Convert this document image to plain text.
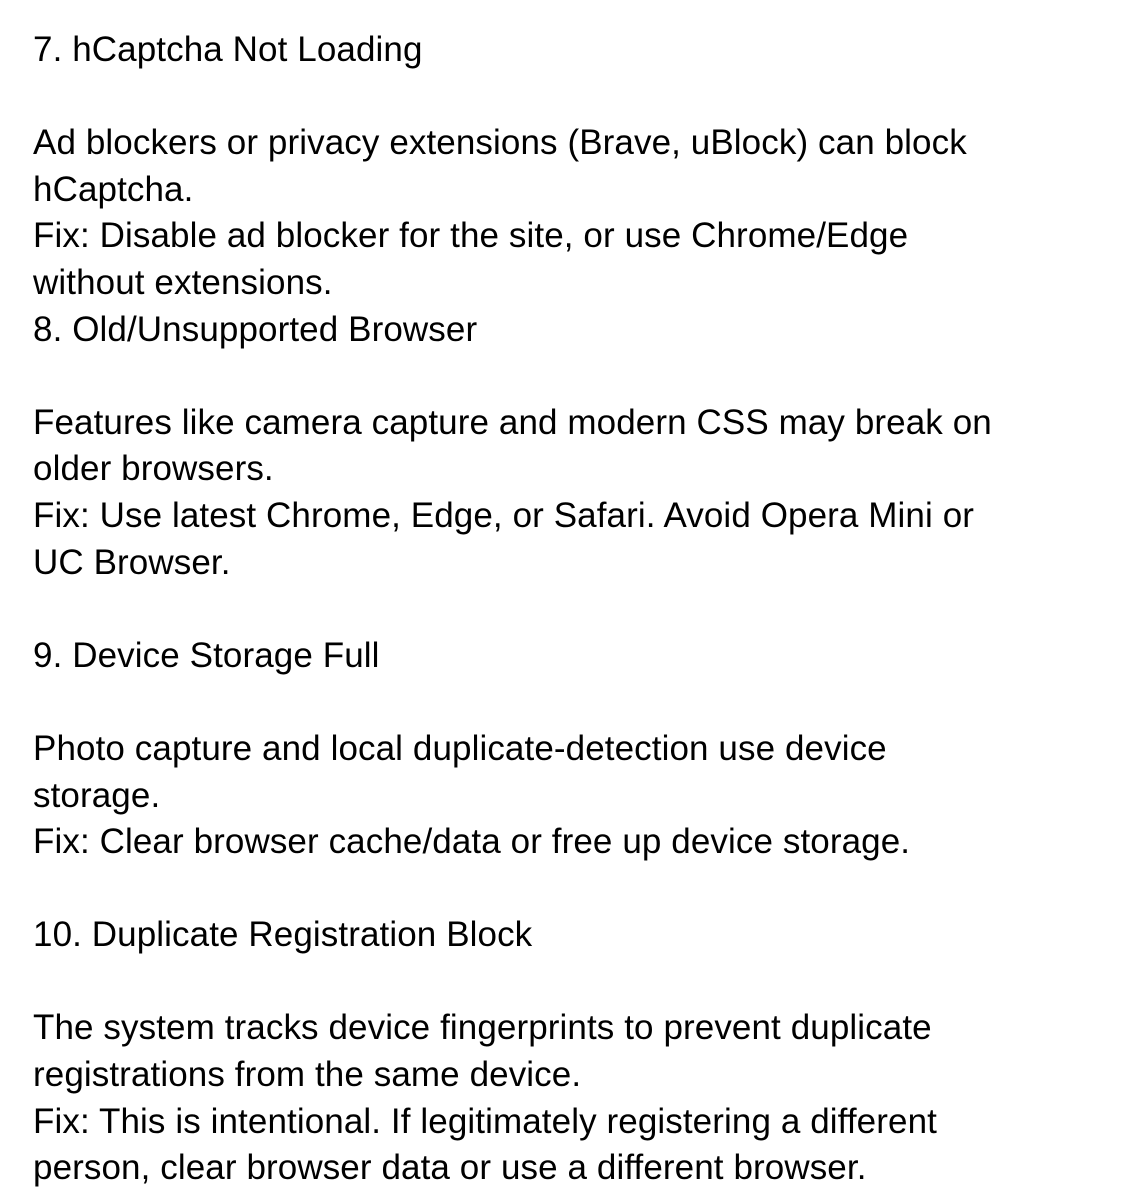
7. hCaptcha Not Loading
Ad blockers or privacy extensions (Brave, uBlock) can block
hCaptcha.
Fix: Disable ad blocker for the site, or use Chrome/Edge
without extensions.
8. Old/Unsupported Browser
Features like camera capture and modern CSS may break on
older browsers.
Fix: Use latest Chrome, Edge, or Safari. Avoid Opera Mini or
UC Browser.
9. Device Storage Full
Photo capture and local duplicate-detection use device
storage.
Fix: Clear browser cache/data or free up device storage.
10. Duplicate Registration Block
The system tracks device fingerprints to prevent duplicate
registrations from the same device.
Fix: This is intentional. If legitimately registering a different
person, clear browser data or use a different browser.
